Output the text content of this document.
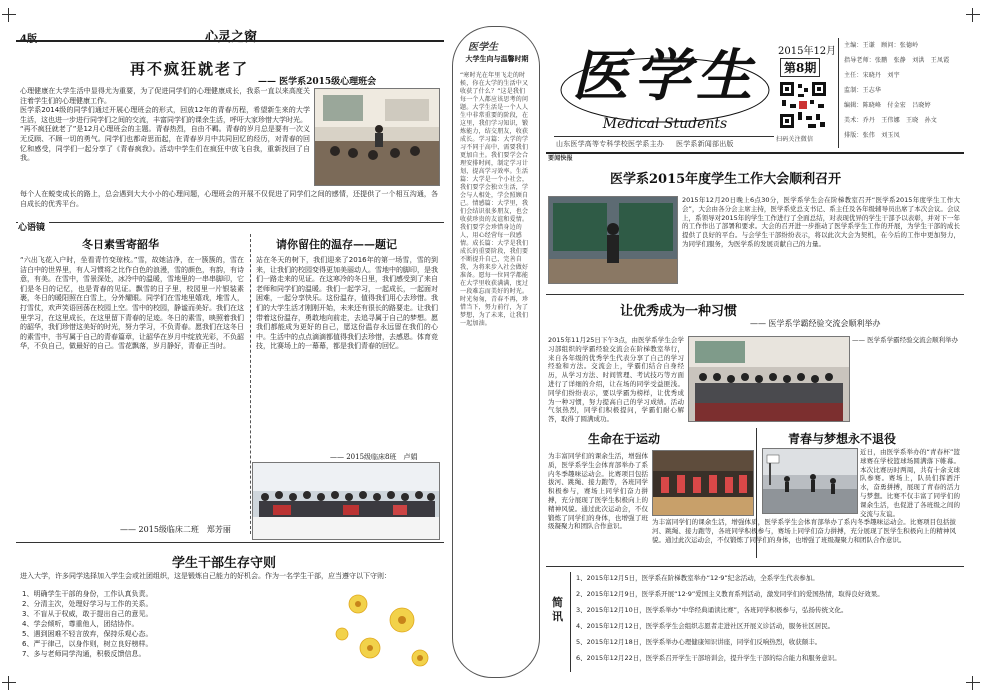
4版	心灵之窗
再不疯狂就老了
—— 医学系2015级心理班会
心理健康在大学生活中显得尤为重要，为了促进同学们的心理健康成长，我系一直以来高度关注着学生们的心理健康工作。
医学系2014级的同学们通过开展心理班会的形式，回放12年的青春历程，希望新生来的大学生活，这也进一步进行同学们之间的交流，丰富同学们的课余生活，呼吁大家珍惜大学时光。
“再不疯狂就老了”是12月心理班会的主题。青春热烈，自由不羁。青春的岁月总是要有一次义无反顾、不顾一切的勇气。同学们也都奇思而起，在青春岁月中共同回忆的经历，对青春的回忆和感受，同学们一起分享了《青春疯我》。活动中学生们在疯狂中放飞自我，重新找回了自我。
每个人在蜕变成长的路上，总会遇到大大小小的心理问题，心理班会的开展不仅促进了同学们之间的感情，还提供了一个相互沟通，各自成长的优秀平台。
心语镜
冬日素雪寄韶华
“六出飞花入户时，坐看青竹变琼枝。”雪，故她洁净，在一簇簇的，雪在洁白中的世界里，有人习惯将之比作白色的浪漫，雪的颜色，有韵，有诗意，有美。在雪中，雪景深处，冰冷中的温暖，雪地里的一串串脚印，它们是冬日的记忆，也是青春的见证。飘雪的日子里，校园里一片银装素裹，冬日的暖阳照在白雪上，分外耀眼。同学们在雪地里嬉戏，堆雪人，打雪仗，欢声笑语回荡在校园上空。雪中的校园，静谧而美好。我们在这里学习，在这里成长，在这里留下青春的足迹。冬日的素雪，映照着我们的韶华，我们珍惜这美好的时光，努力学习，不负青春。愿我们在这冬日的素雪中，书写属于自己的青春篇章，让韶华在岁月中绽放光彩，不负韶华，不负自己，做最好的自己。雪花飘落，岁月静好，青春正当时。
—— 2015级临床二班　郑芳丽
请你留住的温存——题记
站在冬天的树下，我们迎来了2016年的第一场雪，雪的到来，让我们的校园变得更加美丽动人。雪地中的脚印，是我们一路走来的见证。在这寒冷的冬日里，我们感受到了来自老师和同学们的温暖。我们一起学习，一起成长，一起面对困难，一起分享快乐。这份温存，值得我们用心去珍惜。我们的大学生活才刚刚开始，未来还有很长的路要走。让我们带着这份温存，勇敢地向前走，去追寻属于自己的梦想。愿我们都能成为更好的自己，愿这份温存永远留在我们的心中。生活中的点点滴滴都值得我们去珍惜，去感恩。体育竞技，比赛场上的一幕幕，都是我们青春的回忆。
—— 2015级临床8班　卢娟
学生干部生存守则
进入大学，许多同学选择加入学生会或社团组织，这是锻炼自己能力的好机会。作为一名学生干部，应当遵守以下守则：
1、明确学生干部的身份，工作认真负责。
2、分清主次，处理好学习与工作的关系。
3、不盲从于权威，敢于提出自己的意见。
4、学会倾听，尊重他人，团结协作。
5、遇到困难不轻言放弃，保持乐观心态。
6、严于律己，以身作则，树立良好榜样。
7、多与老师同学沟通，积极反馈信息。
医学生
大学生向与温馨时期
“寒时光在年里飞走的时候，你在大学的生活中又收获了什么？”这是我们每一个人都应该思考的问题。大学生活是一个人人生中非常重要的阶段，在这里，我们学习知识，锻炼能力，结交朋友，收获成长。学习篇：大学的学习不同于高中，需要我们更加自主。我们要学会合理安排时间，制定学习计划，提高学习效率。生活篇：大学是一个小社会，我们要学会独立生活，学会与人相处，学会照顾自己。情感篇：大学里，我们会结识很多朋友，也会收获珍贵的友谊和爱情。我们要学会珍惜身边的人，用心经营每一段感情。成长篇：大学是我们成长的重要阶段，我们要不断提升自己，完善自我，为将来步入社会做好准备。愿每一位同学都能在大学里收获满满，度过一段难忘而美好的时光。时光匆匆，青春不再，珍惜当下，努力前行，为了梦想，为了未来，让我们一起加油。
医学生
Medical Students
山东医学高等专科学校医学系主办 医学系新闻部出版
2015年12月
第8期
扫码关注微信
主编：王谦　顾问：张德岭
指导老师：张鹏　张静　刘洪　王凤霞
主任：宋晓丹　刘宇
监制：王志华
编辑：陈晓峰　付金宏　吕晓婷
美术：乔丹　王伟娜　王晓　孙文
排版：张伟　刘玉凤
要闻快报
医学系2015年度学生工作大会顺利召开
2015年12月20日晚上6点30分，医学系学生会在阶梯教室召开“医学系2015年度学生工作大会”，大会由各分会主席主持，医学系党总支书记、系主任及各年级辅导员出席了本次会议。会议上，系领导对2015年的学生工作进行了全面总结，对表现优异的学生干部予以表彰，并对下一年的工作作出了部署和要求。大会的召开进一步推动了医学系学生工作的开展，为学生干部的成长提供了良好的平台。与会学生干部纷纷表示，将以此次大会为契机，在今后的工作中更加努力，为同学们服务，为医学系的发展贡献自己的力量。
让优秀成为一种习惯
—— 医学系学霸经验交流会顺利举办
2015年11月25日下午3点，由医学系学生会学习部组织的学霸经验交流会在阶梯教室举行，来自各年级的优秀学生代表分享了自己的学习经验和方法。交流会上，学霸们结合自身经历，从学习方法、时间管理、考试技巧等方面进行了详细的介绍，让在场的同学受益匪浅。同学们纷纷表示，要以学霸为榜样，让优秀成为一种习惯，努力提高自己的学习成绩。活动气氛热烈，同学们积极提问，学霸们耐心解答，取得了圆满成功。
—— 医学系学霸经验交流会顺利举办
生命在于运动
为丰富同学们的课余生活，增强体质，医学系学生会体育部举办了系内冬季趣味运动会。比赛项目包括拔河、跳绳、接力跑等，各班同学积极参与，赛场上同学们奋力拼搏，充分展现了医学生积极向上的精神风貌。通过此次运动会，不仅锻炼了同学们的身体，也增强了班级凝聚力和团队合作意识。
青春与梦想永不退役
近日，由医学系举办的“青春杯”篮球赛在学校篮球场圆满落下帷幕。本次比赛历时两周，共有十余支球队参赛。赛场上，队员们挥洒汗水，奋勇拼搏，展现了青春的活力与梦想。比赛不仅丰富了同学们的课余生活，也促进了各班级之间的交流与友谊。
为丰富同学们的课余生活，增强体质，医学系学生会体育部举办了系内冬季趣味运动会。比赛项目包括拔河、跳绳、接力跑等，各班同学积极参与，赛场上同学们奋力拼搏，充分展现了医学生积极向上的精神风貌。通过此次运动会，不仅锻炼了同学们的身体，也增强了班级凝聚力和团队合作意识。
简讯
1、2015年12月5日，医学系在阶梯教室举办“12·9”纪念活动，全系学生代表参加。
2、2015年12月9日，医学系开展“12·9”爱国主义教育系列活动，激发同学们的爱国热情，取得良好效果。
3、2015年12月10日，医学系举办“中华经典诵读比赛”，各班同学积极参与，弘扬传统文化。
4、2015年12月12日，医学系学生会组织志愿者走进社区开展义诊活动，服务社区居民。
5、2015年12月18日，医学系举办心理健康知识讲座，同学们反响热烈，收获颇丰。
6、2015年12月22日，医学系召开学生干部培训会，提升学生干部的综合能力和服务意识。
